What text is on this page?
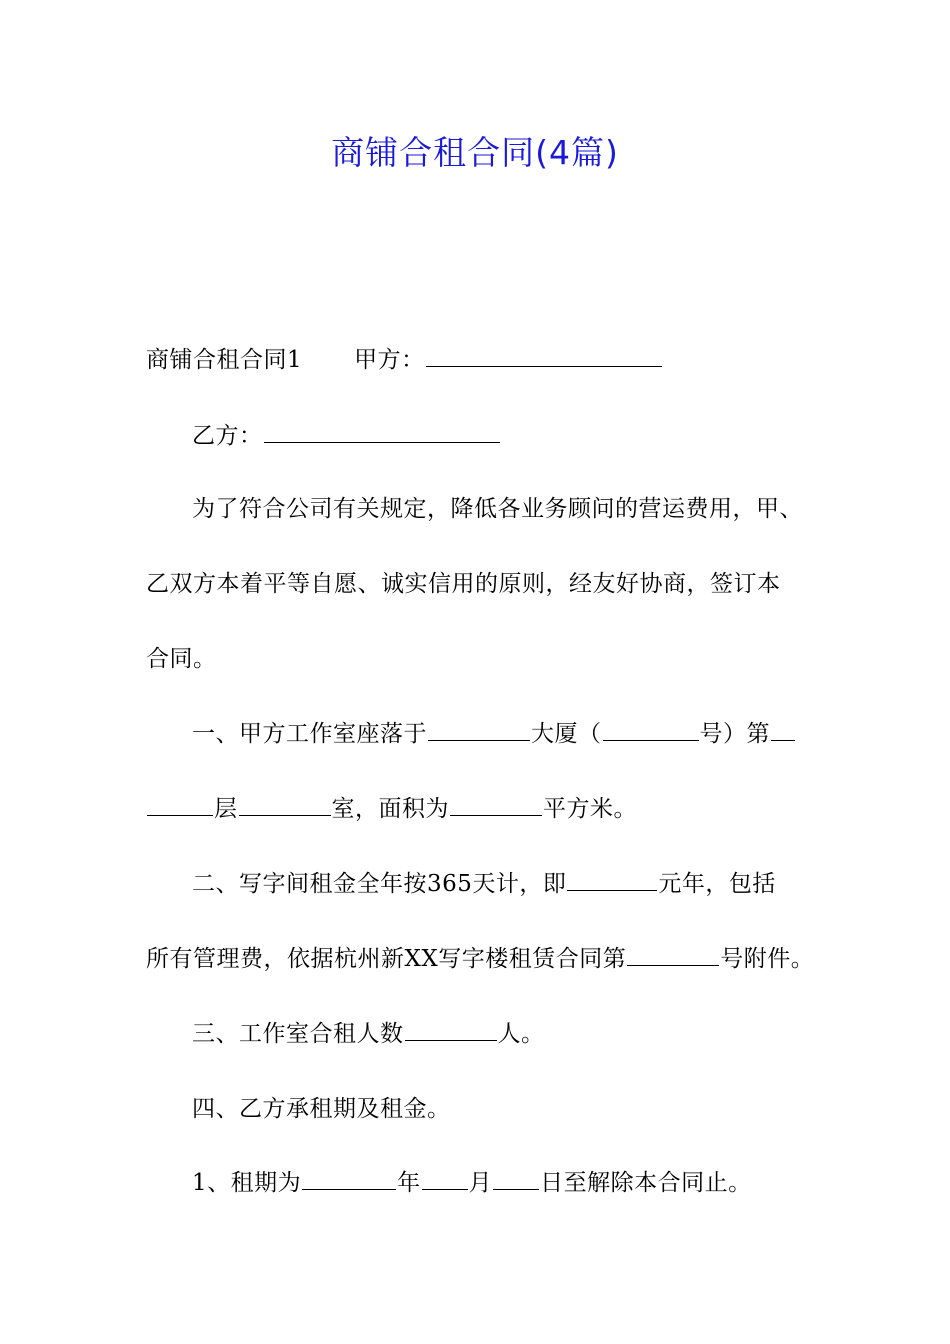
商铺合租合同(4篇)
商铺合租合同1 甲方：
乙方：
为了符合公司有关规定，降低各业务顾问的营运费用，甲、
乙双方本着平等自愿、诚实信用的原则，经友好协商，签订本
合同。
一、甲方工作室座落于	大厦（	号）第
层	室，面积为	平方米。
二、写字间租金全年按365天计，即	元年，包括
所有管理费，依据杭州新XX写字楼租赁合同第	号附件。
三、工作室合租人数	人。
四、乙方承租期及租金。
1、租期为	年 月 日至解除本合同止。
